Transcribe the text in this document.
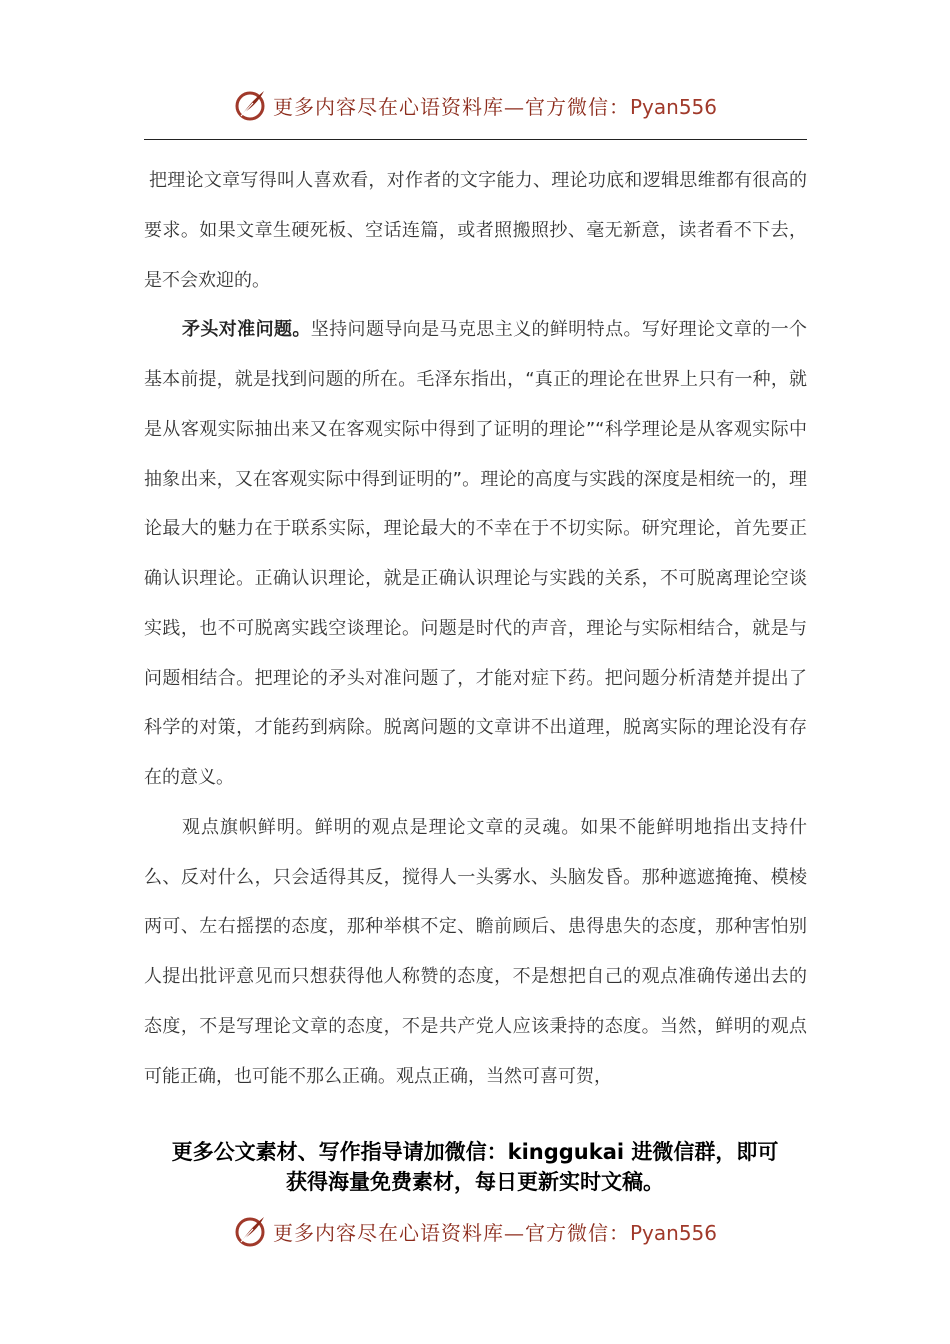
更多内容尽在心语资料库—官方微信：Pyan556

把理论文章写得叫人喜欢看，对作者的文字能力、理论功底和逻辑思维都有很高的要求。如果文章生硬死板、空话连篇，或者照搬照抄、毫无新意，读者看不下去，是不会欢迎的。

矛头对准问题。坚持问题导向是马克思主义的鲜明特点。写好理论文章的一个基本前提，就是找到问题的所在。毛泽东指出，“真正的理论在世界上只有一种，就是从客观实际抽出来又在客观实际中得到了证明的理论”“科学理论是从客观实际中抽象出来，又在客观实际中得到证明的”。理论的高度与实践的深度是相统一的，理论最大的魅力在于联系实际，理论最大的不幸在于不切实际。研究理论，首先要正确认识理论。正确认识理论，就是正确认识理论与实践的关系，不可脱离理论空谈实践，也不可脱离实践空谈理论。问题是时代的声音，理论与实际相结合，就是与问题相结合。把理论的矛头对准问题了，才能对症下药。把问题分析清楚并提出了科学的对策，才能药到病除。脱离问题的文章讲不出道理，脱离实际的理论没有存在的意义。

观点旗帜鲜明。鲜明的观点是理论文章的灵魂。如果不能鲜明地指出支持什么、反对什么，只会适得其反，搅得人一头雾水、头脑发昏。那种遮遮掩掩、模棱两可、左右摇摆的态度，那种举棋不定、瞻前顾后、患得患失的态度，那种害怕别人提出批评意见而只想获得他人称赞的态度，不是想把自己的观点准确传递出去的态度，不是写理论文章的态度，不是共产党人应该秉持的态度。当然，鲜明的观点可能正确，也可能不那么正确。观点正确，当然可喜可贺，

更多公文素材、写作指导请加微信：kinggukai 进微信群，即可
获得海量免费素材，每日更新实时文稿。
更多内容尽在心语资料库—官方微信：Pyan556
